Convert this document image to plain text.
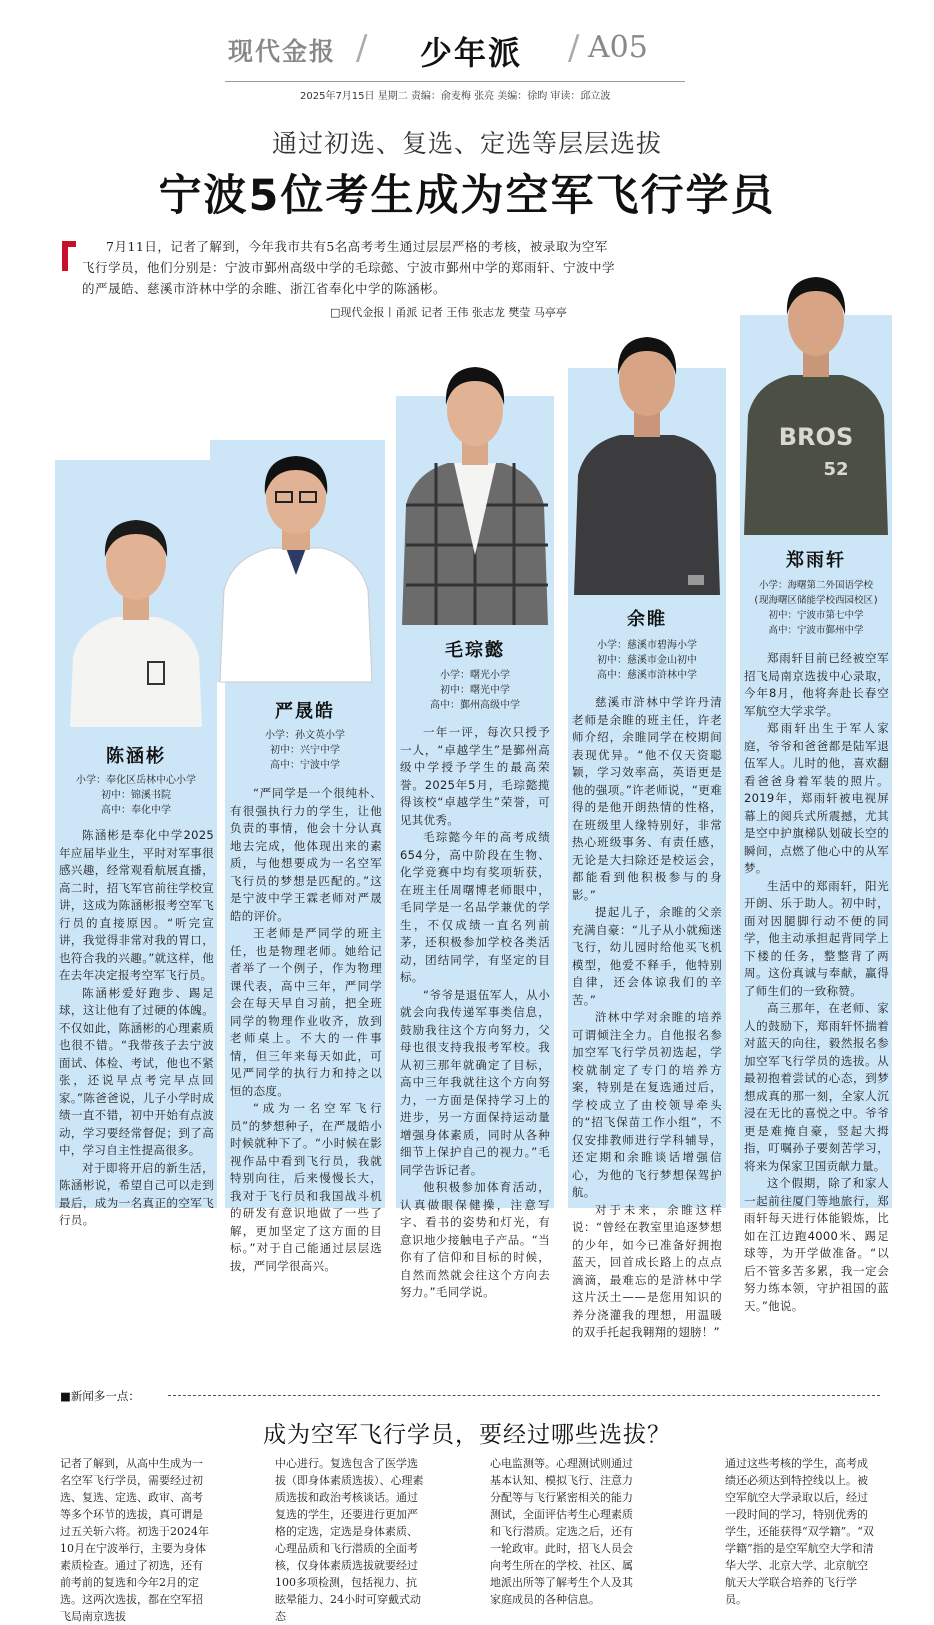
现代金报 / 少年派 / A05
2025年7月15日 星期二 责编：俞麦梅 张亮 美编：徐昀 审读：邱立波
通过初选、复选、定选等层层选拔
宁波5位考生成为空军飞行学员
7月11日，记者了解到，今年我市共有5名高考考生通过层层严格的考核，被录取为空军飞行学员，他们分别是：宁波市鄞州高级中学的毛琮懿、宁波市鄞州中学的郑雨轩、宁波中学的严晟皓、慈溪市浒林中学的余睢、浙江省奉化中学的陈涵彬。
□现代金报丨甬派 记者 王伟 张志龙 樊莹 马亭亭
陈涵彬
小学：奉化区岳林中心小学
初中：锦溪书院
高中：奉化中学

陈涵彬是奉化中学2025年应届毕业生，平时对军事很感兴趣，经常观看航展直播，高二时，招飞军官前往学校宣讲，这成为陈涵彬报考空军飞行员的直接原因。“听完宣讲，我觉得非常对我的胃口，也符合我的兴趣。”就这样，他在去年决定报考空军飞行员。

陈涵彬爱好跑步、踢足球，这让他有了过硬的体魄。不仅如此，陈涵彬的心理素质也很不错。“我带孩子去宁波面试、体检、考试，他也不紧张，还说早点考完早点回家。”陈爸爸说，儿子小学时成绩一直不错，初中开始有点波动，学习要经常督促；到了高中，学习自主性提高很多。

对于即将开启的新生活，陈涵彬说，希望自己可以走到最后，成为一名真正的空军飞行员。

严晟皓
小学：孙文英小学
初中：兴宁中学
高中：宁波中学

“严同学是一个很纯朴、有很强执行力的学生，让他负责的事情，他会十分认真地去完成，他体现出来的素质，与他想要成为一名空军飞行员的梦想是匹配的。”这是宁波中学王霖老师对严晟皓的评价。

王老师是严同学的班主任，也是物理老师。她给记者举了一个例子，作为物理课代表，高中三年，严同学会在每天早自习前，把全班同学的物理作业收齐，放到老师桌上。不大的一件事情，但三年来每天如此，可见严同学的执行力和持之以恒的态度。

“成为一名空军飞行员”的梦想种子，在严晟皓小时候就种下了。“小时候在影视作品中看到飞行员，我就特别向往，后来慢慢长大，我对于飞行员和我国战斗机的研发有意识地做了一些了解，更加坚定了这方面的目标。”对于自己能通过层层选拔，严同学很高兴。

毛琮懿
小学：曙光小学
初中：曙光中学
高中：鄞州高级中学

一年一评，每次只授予一人，“卓越学生”是鄞州高级中学授予学生的最高荣誉。2025年5月，毛琮懿揽得该校“卓越学生”荣誉，可见其优秀。

毛琮懿今年的高考成绩654分，高中阶段在生物、化学竞赛中均有奖项斩获，在班主任周曙博老师眼中，毛同学是一名品学兼优的学生，不仅成绩一直名列前茅，还积极参加学校各类活动，团结同学，有坚定的目标。

“爷爷是退伍军人，从小就会向我传递军事类信息，鼓励我往这个方向努力，父母也很支持我报考军校。我从初三那年就确定了目标，高中三年我就往这个方向努力，一方面是保持学习上的进步，另一方面保持运动量增强身体素质，同时从各种细节上保护自己的视力。”毛同学告诉记者。

他积极参加体育活动，认真做眼保健操，注意写字、看书的姿势和灯光，有意识地少接触电子产品。“当你有了信仰和目标的时候，自然而然就会往这个方向去努力。”毛同学说。

余睢
小学：慈溪市碧海小学
初中：慈溪市金山初中
高中：慈溪市浒林中学

慈溪市浒林中学许丹清老师是余睢的班主任，许老师介绍，余睢同学在校期间表现优异。“他不仅天资聪颖，学习效率高，英语更是他的强项。”许老师说，“更难得的是他开朗热情的性格，在班级里人缘特别好，非常热心班级事务、有责任感，无论是大扫除还是校运会，都能看到他积极参与的身影。”

提起儿子，余睢的父亲充满自豪：“儿子从小就痴迷飞行，幼儿园时给他买飞机模型，他爱不释手，他特别自律，还会体谅我们的辛苦。”

浒林中学对余睢的培养可谓倾注全力。自他报名参加空军飞行学员初选起，学校就制定了专门的培养方案，特别是在复选通过后，学校成立了由校领导牵头的“招飞保苗工作小组”，不仅安排教师进行学科辅导，还定期和余睢谈话增强信心，为他的飞行梦想保驾护航。

对于未来，余睢这样说：“曾经在教室里追逐梦想的少年，如今已准备好拥抱蓝天，回首成长路上的点点滴滴，最难忘的是浒林中学这片沃土——是您用知识的养分浇灌我的理想，用温暖的双手托起我翱翔的翅膀！”

BROS
52
郑雨轩
小学：海曙第二外国语学校
(现海曙区储能学校西园校区)
初中：宁波市第七中学
高中：宁波市鄞州中学

郑雨轩目前已经被空军招飞局南京选拔中心录取，今年8月，他将奔赴长春空军航空大学求学。

郑雨轩出生于军人家庭，爷爷和爸爸都是陆军退伍军人。儿时的他，喜欢翻看爸爸身着军装的照片。2019年，郑雨轩被电视屏幕上的阅兵式所震撼，尤其是空中护旗梯队划破长空的瞬间，点燃了他心中的从军梦。

生活中的郑雨轩，阳光开朗、乐于助人。初中时，面对因腿脚行动不便的同学，他主动承担起背同学上下楼的任务，整整背了两周。这份真诚与奉献，赢得了师生们的一致称赞。

高三那年，在老师、家人的鼓励下，郑雨轩怀揣着对蓝天的向往，毅然报名参加空军飞行学员的选拔。从最初抱着尝试的心态，到梦想成真的那一刻，全家人沉浸在无比的喜悦之中。爷爷更是难掩自豪，竖起大拇指，叮嘱孙子要刻苦学习，将来为保家卫国贡献力量。

这个假期，除了和家人一起前往厦门等地旅行，郑雨轩每天进行体能锻炼，比如在江边跑4000米、踢足球等，为开学做准备。“以后不管多苦多累，我一定会努力练本领，守护祖国的蓝天。”他说。

■新闻多一点：
成为空军飞行学员，要经过哪些选拔？
记者了解到，从高中生成为一名空军飞行学员，需要经过初选、复选、定选、政审、高考等多个环节的选拔，真可谓是过五关斩六将。初选于2024年10月在宁波举行，主要为身体素质检查。通过了初选，还有前考前的复选和今年2月的定选。这两次选拔，都在空军招飞局南京选拔
中心进行。复选包含了医学选拔（即身体素质选拔）、心理素质选拔和政治考核谈话。通过复选的学生，还要进行更加严格的定选，定选是身体素质、心理品质和飞行潜质的全面考核，仅身体素质选拔就要经过100多项检测，包括视力、抗眩晕能力、24小时可穿戴式动态
心电监测等。心理测试则通过基本认知、模拟飞行、注意力分配等与飞行紧密相关的能力测试，全面评估考生心理素质和飞行潜质。定选之后，还有一轮政审。此时，招飞人员会向考生所在的学校、社区、属地派出所等了解考生个人及其家庭成员的各种信息。
通过这些考核的学生，高考成绩还必须达到特控线以上。被空军航空大学录取以后，经过一段时间的学习，特别优秀的学生，还能获得“双学籍”。“双学籍”指的是空军航空大学和清华大学、北京大学、北京航空航天大学联合培养的飞行学员。
